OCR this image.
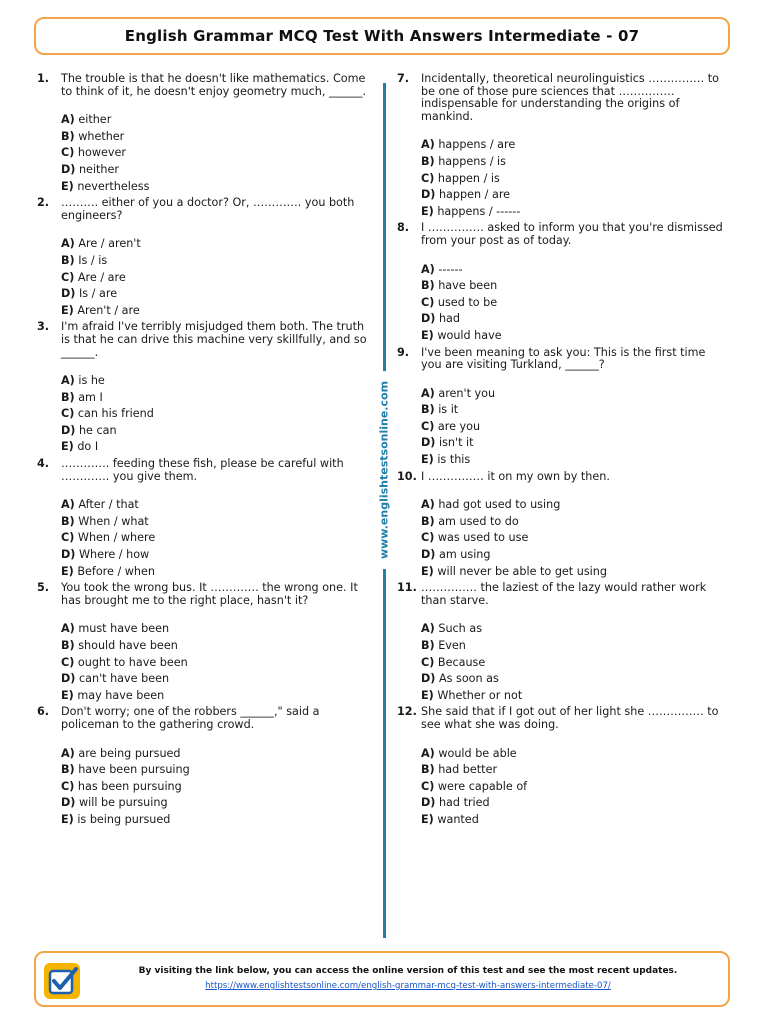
English Grammar MCQ Test With Answers Intermediate - 07
1.	The trouble is that he doesn't like mathematics. Come to think of it, he doesn't enjoy geometry much, ______.
A) either
B) whether
C) however
D) neither
E) nevertheless
2.	………. either of you a doctor? Or, …………. you both engineers?
A) Are / aren't
B) Is / is
C) Are / are
D) Is / are
E) Aren't / are
3.	I'm afraid I've terribly misjudged them both. The truth is that he can drive this machine very skillfully, and so ______.
A) is he
B) am I
C) can his friend
D) he can
E) do I
4.	…………. feeding these fish, please be careful with …………. you give them.
A) After / that
B) When / what
C) When / where
D) Where / how
E) Before / when
5.	You took the wrong bus. It …………. the wrong one. It has brought me to the right place, hasn't it?
A) must have been
B) should have been
C) ought to have been
D) can't have been
E) may have been
6.	Don't worry; one of the robbers ______," said a policeman to the gathering crowd.
A) are being pursued
B) have been pursuing
C) has been pursuing
D) will be pursuing
E) is being pursued
www.englishtestsonline.com
7.	Incidentally, theoretical neurolinguistics …………… to be one of those pure sciences that …………… indispensable for understanding the origins of mankind.
A) happens / are
B) happens / is
C) happen / is
D) happen / are
E) happens / ------
8.	I …………… asked to inform you that you're dismissed from your post as of today.
A) ------
B) have been
C) used to be
D) had
E) would have
9.	I've been meaning to ask you: This is the first time you are visiting Turkland, ______?
A) aren't you
B) is it
C) are you
D) isn't it
E) is this
10. I …………… it on my own by then.
A) had got used to using
B) am used to do
C) was used to use
D) am using
E) will never be able to get using
11. …………… the laziest of the lazy would rather work than starve.
A) Such as
B) Even
C) Because
D) As soon as
E) Whether or not
12. She said that if I got out of her light she …………… to see what she was doing.
A) would be able
B) had better
C) were capable of
D) had tried
E) wanted
By visiting the link below, you can access the online version of this test and see the most recent updates.
https://www.englishtestsonline.com/english-grammar-mcq-test-with-answers-intermediate-07/
